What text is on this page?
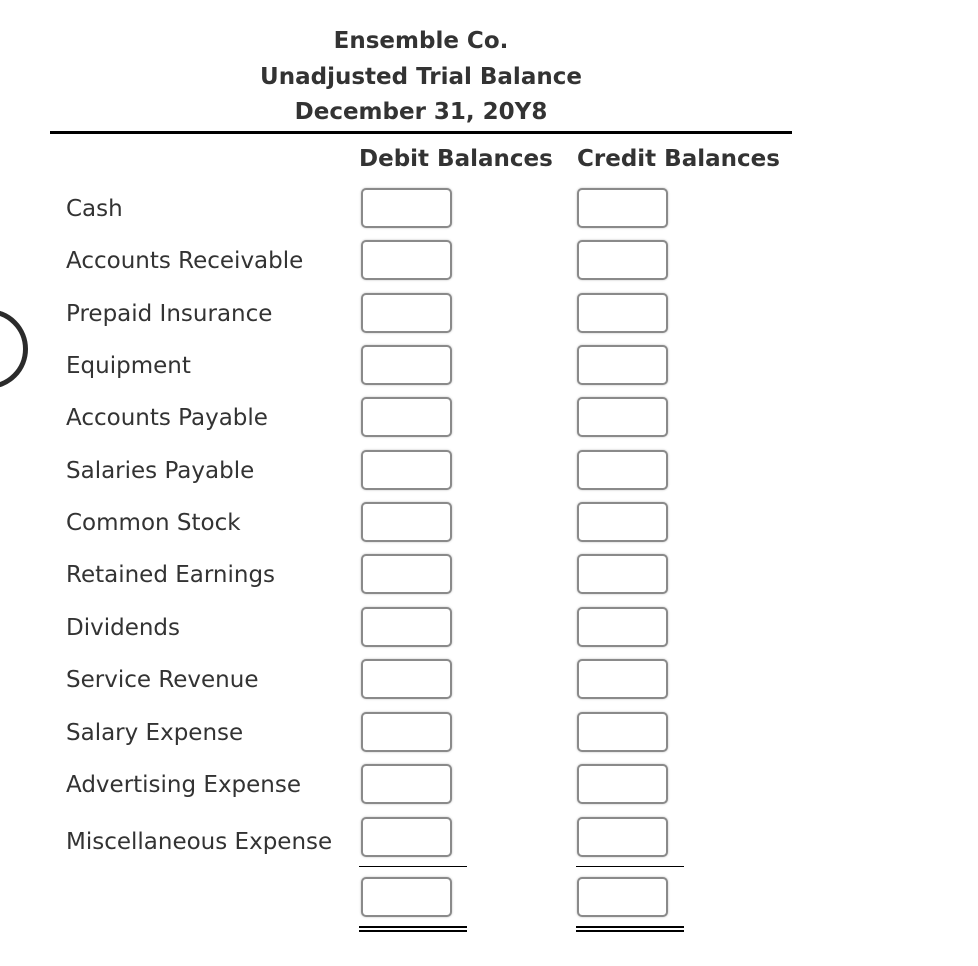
Ensemble Co.
Unadjusted Trial Balance
December 31, 20Y8
Debit Balances Credit Balances
Cash
Accounts Receivable
Prepaid Insurance
Equipment
Accounts Payable
Salaries Payable
Common Stock
Retained Earnings
Dividends
Service Revenue
Salary Expense
Advertising Expense
Miscellaneous Expense
